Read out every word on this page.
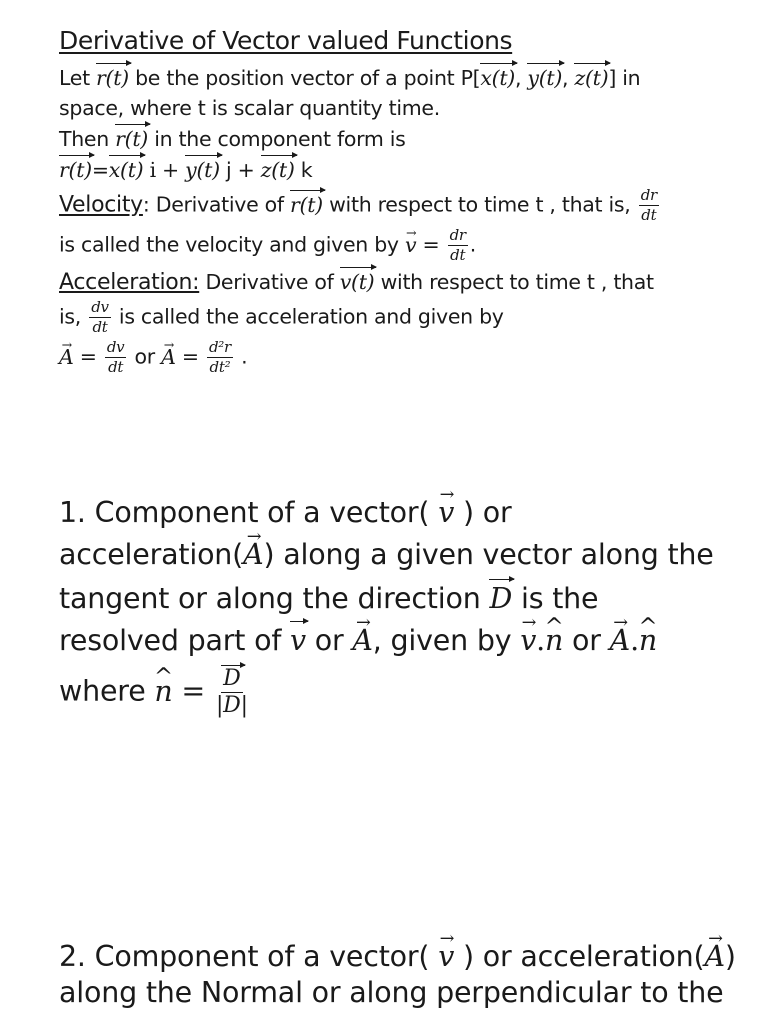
Derivative of Vector valued Functions
Let r(t) be the position vector of a point P[x(t), y(t), z(t)] in
space, where t is scalar quantity time.
Then r(t) in the component form is
r(t)=x(t) i + y(t) j + z(t) k
Velocity: Derivative of r(t) with respect to time t , that is, $\frac{dr}{dt}$
is called the velocity and given by v → = $\frac{dr}{dt}$ .
Acceleration: Derivative of v(t) with respect to time t , that
is, $\frac{dv}{dt}$ is called the acceleration and given by
A → = $\frac{dv}{dt}$ or A → = $\frac{\text{d²r}}{\text{dt²}}$ .
1. Component of a vector( v → ) or
acceleration(A →) along a given vector along the
tangent or along the direction D is the
resolved part of v or A →, given by v →.n ^ or A →.n ^
where n ^ = $\frac{D}{|D|}$
2. Component of a vector( v → ) or acceleration(A →)
along the Normal or along perpendicular to the
